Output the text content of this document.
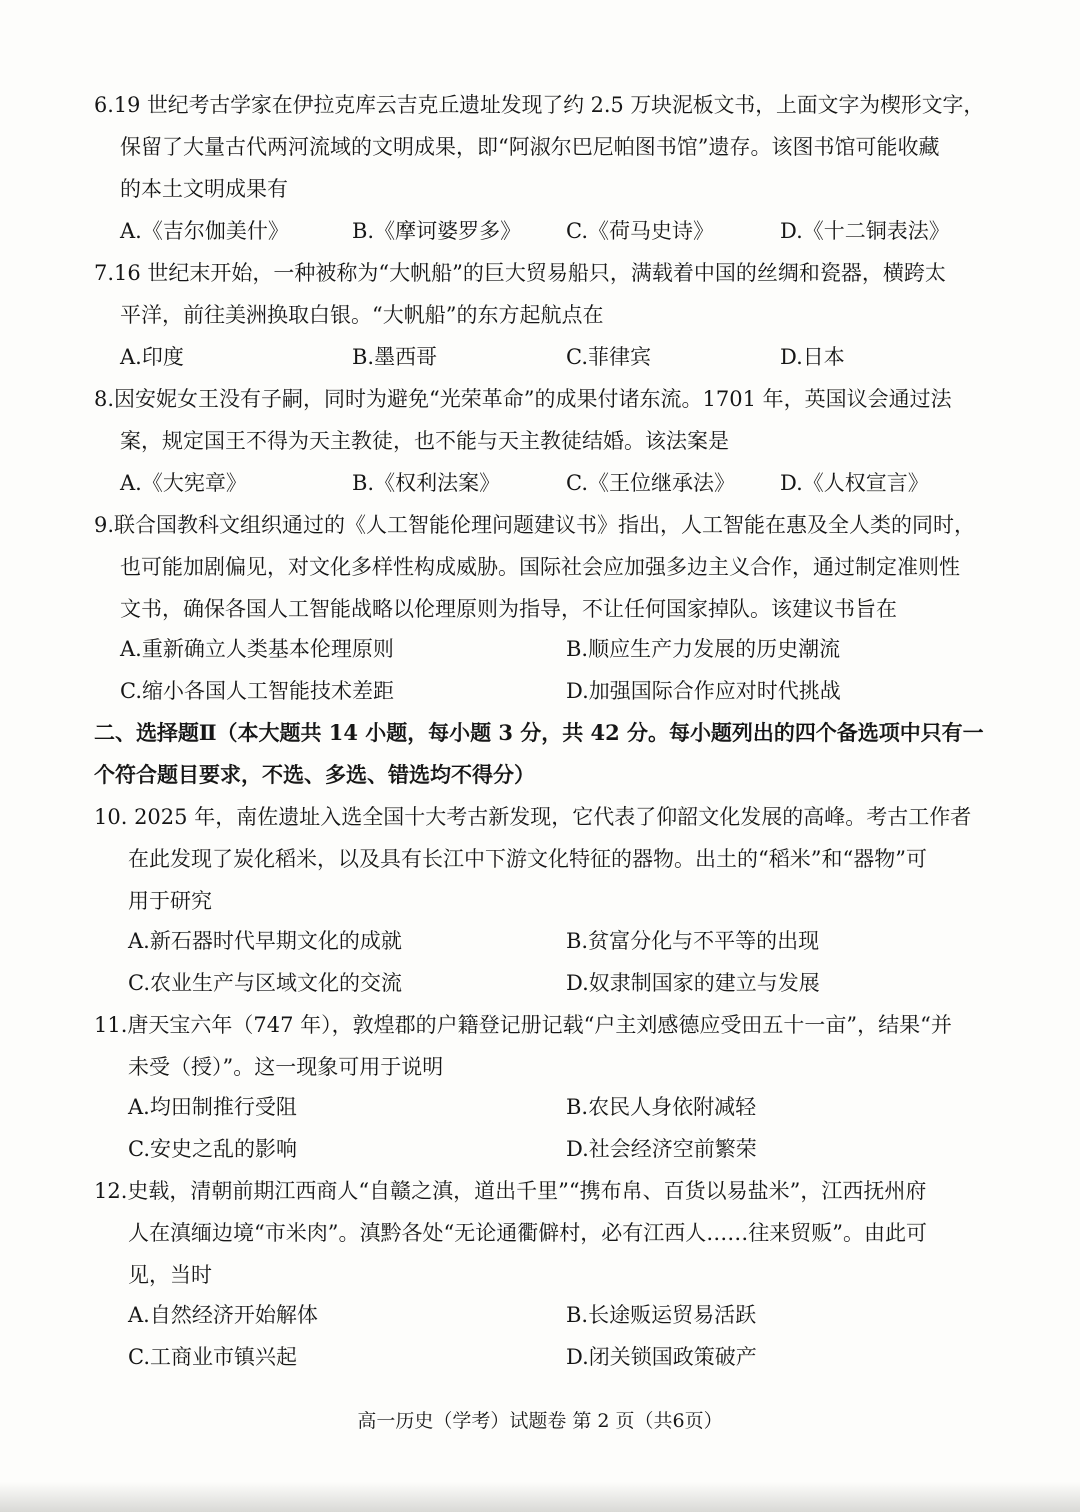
6.19 世纪考古学家在伊拉克库云吉克丘遗址发现了约 2.5 万块泥板文书，上面文字为楔形文字，
保留了大量古代两河流域的文明成果，即“阿淑尔巴尼帕图书馆”遗存。该图书馆可能收藏
的本土文明成果有
A.《吉尔伽美什》	B.《摩诃婆罗多》 C.《荷马史诗》	D.《十二铜表法》
7.16 世纪末开始，一种被称为“大帆船”的巨大贸易船只，满载着中国的丝绸和瓷器，横跨太
平洋，前往美洲换取白银。“大帆船”的东方起航点在
A.印度	B.墨西哥	C.菲律宾	D.日本
8.因安妮女王没有子嗣，同时为避免“光荣革命”的成果付诸东流。1701 年，英国议会通过法
案，规定国王不得为天主教徒，也不能与天主教徒结婚。该法案是
A.《大宪章》	B.《权利法案》	C.《王位继承法》 D.《人权宣言》
9.联合国教科文组织通过的《人工智能伦理问题建议书》指出，人工智能在惠及全人类的同时，
也可能加剧偏见，对文化多样性构成威胁。国际社会应加强多边主义合作，通过制定准则性
文书，确保各国人工智能战略以伦理原则为指导，不让任何国家掉队。该建议书旨在
A.重新确立人类基本伦理原则	B.顺应生产力发展的历史潮流
C.缩小各国人工智能技术差距	D.加强国际合作应对时代挑战
二、选择题Ⅱ（本大题共 14 小题，每小题 3 分，共 42 分。每小题列出的四个备选项中只有一
个符合题目要求，不选、多选、错选均不得分）
10. 2025 年，南佐遗址入选全国十大考古新发现，它代表了仰韶文化发展的高峰。考古工作者
在此发现了炭化稻米，以及具有长江中下游文化特征的器物。出土的“稻米”和“器物”可
用于研究
A.新石器时代早期文化的成就	B.贫富分化与不平等的出现
C.农业生产与区域文化的交流	D.奴隶制国家的建立与发展
11.唐天宝六年（747 年），敦煌郡的户籍登记册记载“户主刘感德应受田五十一亩”，结果“并
未受（授）”。这一现象可用于说明
A.均田制推行受阻	B.农民人身依附减轻
C.安史之乱的影响	D.社会经济空前繁荣
12.史载，清朝前期江西商人“自赣之滇，道出千里”“携布帛、百货以易盐米”，江西抚州府
人在滇缅边境“市米肉”。滇黔各处“无论通衢僻村，必有江西人……往来贸贩”。由此可
见，当时
A.自然经济开始解体	B.长途贩运贸易活跃
C.工商业市镇兴起	D.闭关锁国政策破产
高一历史（学考）试题卷 第 2 页（共6页）
